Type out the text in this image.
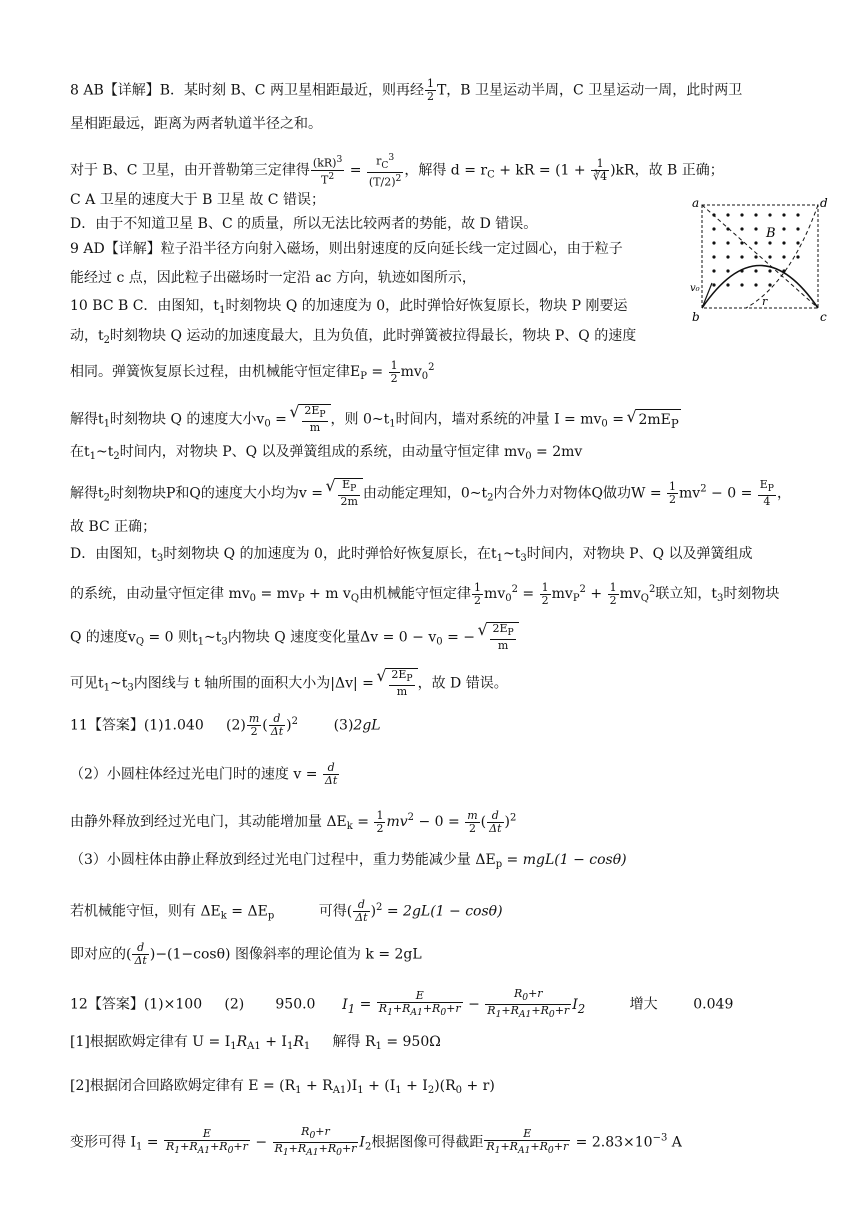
a	d
b	c
B
v₀
r
8 AB【详解】B．某时刻 B、C 两卫星相距最近，则再经 $\frac{1}{2}$ T，B 卫星运动半周，C 卫星运动一周，此时两卫
星相距最远，距离为两者轨道半径之和。
对于 B、C 卫星，由开普勒第三定律得 $\frac{(kR)^3}{T^2} = \frac{r_C^3}{(T/2)^2}$ ，解得 $d = r_C$ + kR = $(1 + \frac{1}{∛4} )kR$，故 B 正确；
C A 卫星的速度大于 B 卫星 故 C 错误；
D．由于不知道卫星 B、C 的质量，所以无法比较两者的势能，故 D 错误。
9 AD【详解】粒子沿半径方向射入磁场，则出射速度的反向延长线一定过圆心，由于粒子
能经过 c 点，因此粒子出磁场时一定沿 ac 方向，轨迹如图所示，
10 BC B C．由图知，$t_1$时刻物块 Q 的加速度为 0，此时弹恰好恢复原长，物块 P 刚要运
动，$t_2$时刻物块 Q 运动的加速度最大，且为负值，此时弹簧被拉得最长，物块 P、Q 的速度
相同。弹簧恢复原长过程，由机械能守恒定律$E_P = \frac{1}{2} mv_0^2$
解得$t_1$时刻物块 Q 的速度大小$v_0$ = √ $\frac{2E_P}{m}$ ，则 $0\sim t_1$时间内，墙对系统的冲量 $I = mv_0$ = √ $2mE_P$
在$t_1\sim t_2$时间内，对物块 P、Q 以及弹簧组成的系统，由动量守恒定律 $mv_0 = 2mv$
解得$t_2$时刻物块P和Q的速度大小均为v = √ $\frac{E_P}{2m}$ 由动能定理知，$0\sim t_2$内合外力对物体Q做功$W = \frac{1}{2} mv^2 - 0 = \frac{E_P}{4}$ ，
故 BC 正确；
D．由图知，$t_3$时刻物块 Q 的加速度为 0，此时弹恰好恢复原长，在$t_1\sim t_3$时间内，对物块 P、Q 以及弹簧组成
的系统，由动量守恒定律 $mv_0 = mv_P + m$ $v_Q$由机械能守恒定律 $\frac{1}{2} mv_0^2 = \frac{1}{2} mv_P^2 + \frac{1}{2} mv_Q^2$联立知，$t_3$时刻物块
Q 的速度$v_Q = 0$ 则$t_1\sim t_3$内物块 Q 速度变化量$\Delta v = 0 - v_0$ = − √ $\frac{2E_P}{m}$
可见$t_1\sim t_3$内图线与 t 轴所围的面积大小为|Δv| = √ $\frac{2E_P}{m}$ ，故 D 错误。
11【答案】(1)1.040 $(2) \frac{m}{2}$ ( $\frac{d}{\Delta t} )^2$	(3)2gL
（2）小圆柱体经过光电门时的速度 $v = \frac{d}{\Delta t}$
由静外释放到经过光电门，其动能增加量 $\Delta E_k = \frac{1}{2} mv^2 - 0 = \frac{m}{2}$ ( $\frac{d}{\Delta t} )^2$
（3）小圆柱体由静止释放到经过光电门过程中，重力势能减少量 $\Delta E_p = mgL(1 - \cos\theta)$
若机械能守恒，则有 $\Delta E_k = \Delta E_p$	可得( $\frac{d}{\Delta t} )^2 = 2gL(1 - \cos\theta)$
即对应的( $\frac{d}{\Delta t} )-(1-\cos\theta)$ 图像斜率的理论值为 k = 2gL
12【答案】(1)×100 (2) 950.0 $I_1 = \frac{E}{R_1+R_{A1}+R_0+r} - \frac{R_0+r}{R_1+R_{A1}+R_0+r} I_2$	增大	0.049
[1]根据欧姆定律有 $U = I_1R_{A1} + I_1R_1$ 解得 $R_1 = 950\Omega$
[2]根据闭合回路欧姆定律有 $E = (R_1 + R_{A1})I_1 + (I_1 + I_2)(R_0 + r)$
变形可得 $I_1 = \frac{E}{R_1+R_{A1}+R_0+r} - \frac{R_0+r}{R_1+R_{A1}+R_0+r} I_2$根据图像可得截距 $\frac{E}{R_1+R_{A1}+R_0+r} = 2.83\times 10^{-3}$ A
